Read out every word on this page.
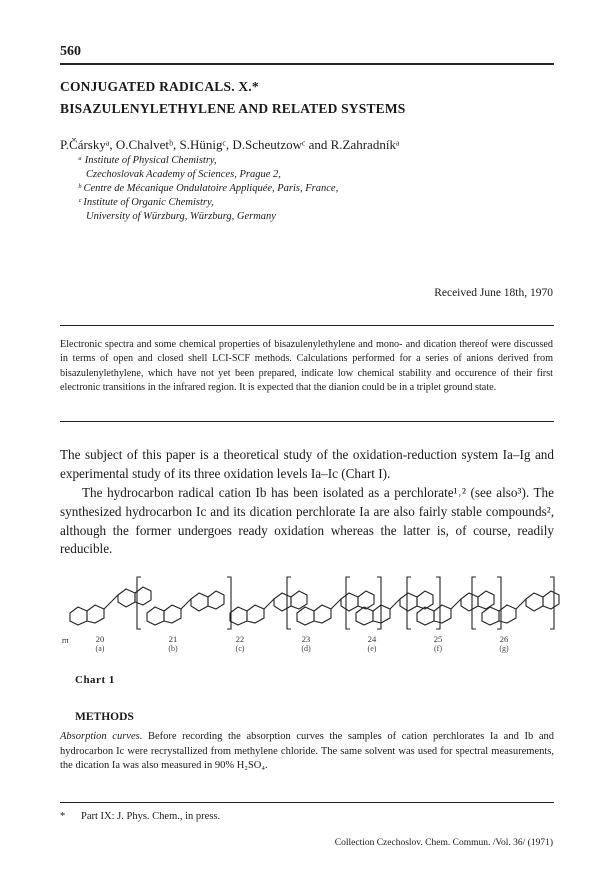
560
CONJUGATED RADICALS. X.*
BISAZULENYLETHYLENE AND RELATED SYSTEMS
P.Čárskyᵃ, O.Chalvetᵇ, S.Hünigᶜ, D.Scheutzowᶜ and R.Zahradníkᵃ
ᵃ Institute of Physical Chemistry,
Czechoslovak Academy of Sciences, Prague 2,
ᵇ Centre de Mécanique Ondulatoire Appliquée, Paris, France,
ᶜ Institute of Organic Chemistry,
University of Würzburg, Würzburg, Germany
Received June 18th, 1970
Electronic spectra and some chemical properties of bisazulenylethylene and mono- and dication thereof were discussed in terms of open and closed shell LCI-SCF methods. Calculations performed for a series of anions derived from bisazulenylethylene, which have not yet been prepared, indicate low chemical stability and occurence of their first electronic transitions in the infrared region. It is expected that the dianion could be in a triplet ground state.
The subject of this paper is a theoretical study of the oxidation-reduction system Ia–Ig and experimental study of its three oxidation levels Ia–Ic (Chart I).
The hydrocarbon radical cation Ib has been isolated as a perchlorate¹˒² (see also³). The synthesized hydrocarbon Ic and its dication perchlorate Ia are also fairly stable compounds², although the former undergoes ready oxidation whereas the latter is, of course, readily reducible.
rπ	20	21	22	23	24	25	26
(a)	(b)	(c)	(d)	(e)	(f)	(g)
Chart 1
METHODS
Absorption curves. Before recording the absorption curves the samples of cation perchlorates Ia and Ib and hydrocarbon Ic were recrystallized from methylene chloride. The same solvent was used for spectral measurements, the dication Ia was also measured in 90% H₂SO₄.
*      Part IX: J. Phys. Chem., in press.
Collection Czechoslov. Chem. Commun. /Vol. 36/ (1971)
